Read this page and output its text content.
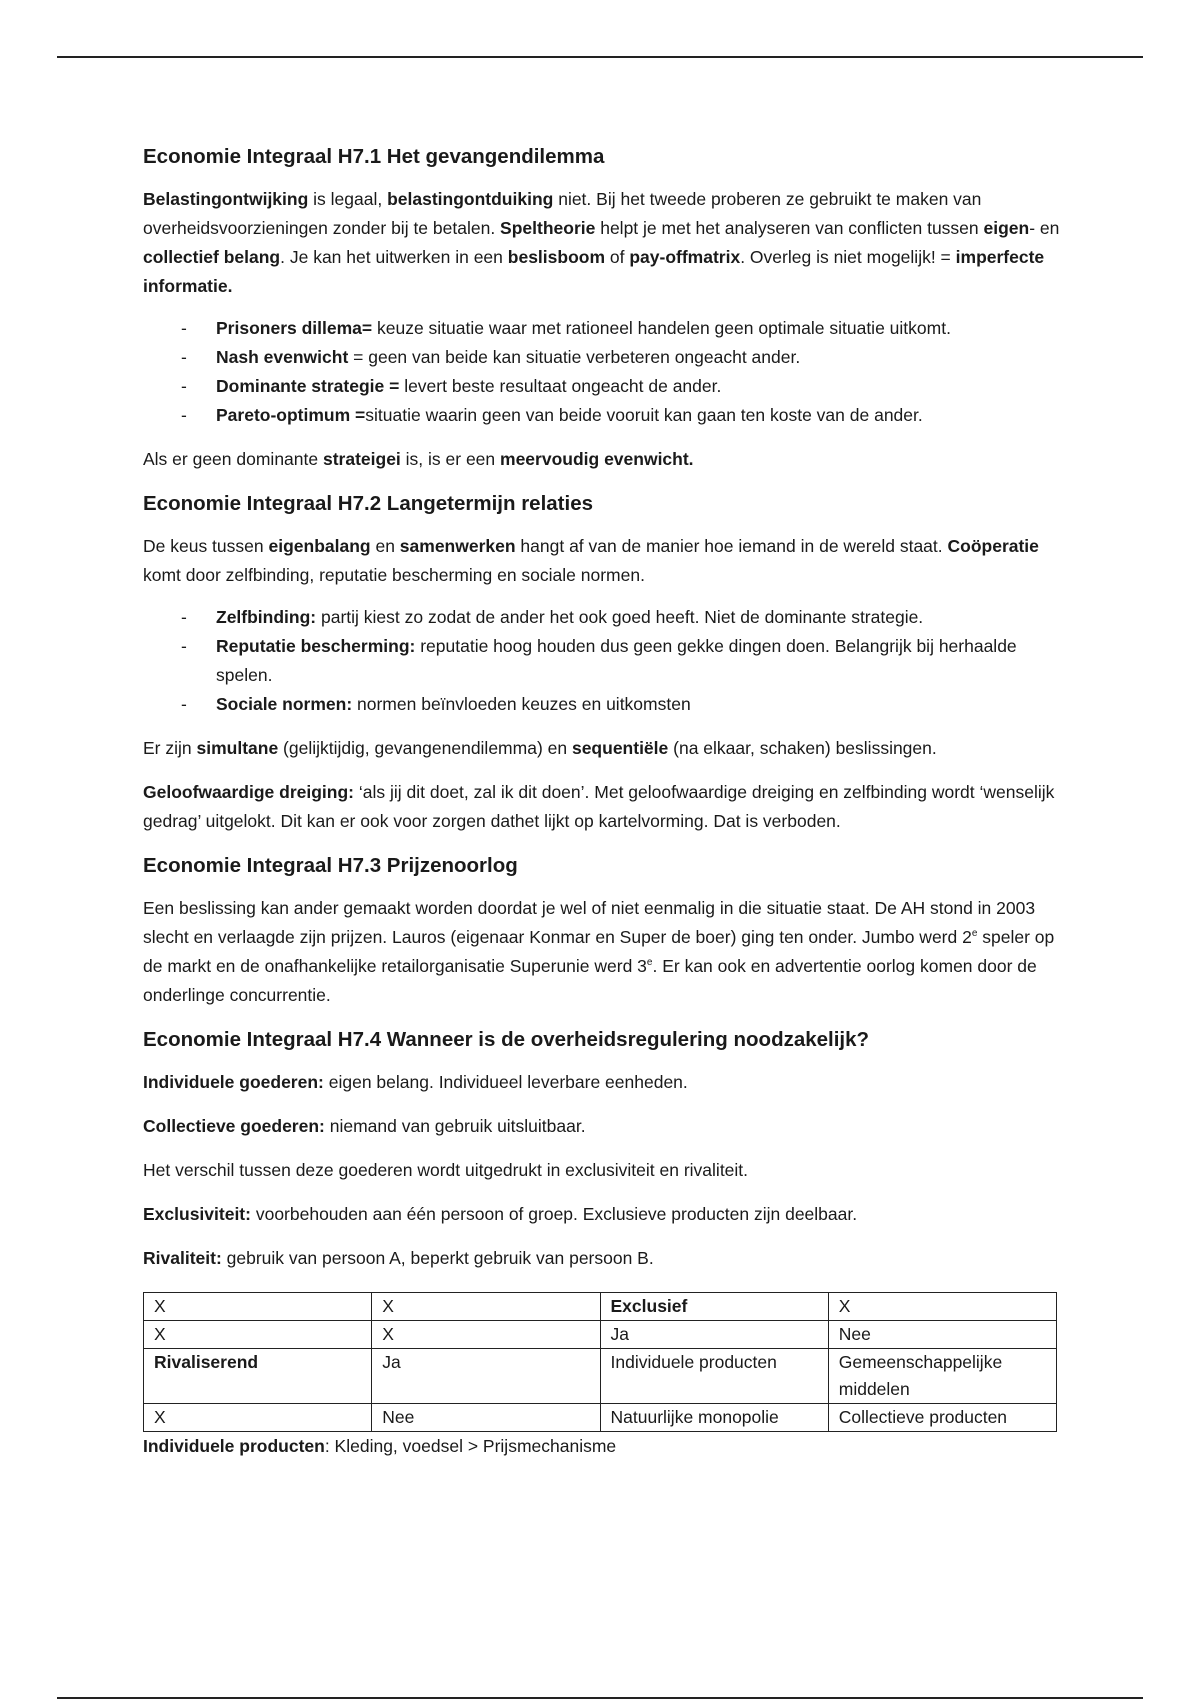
Economie Integraal H7.1 Het gevangendilemma

Belastingontwijking is legaal, belastingontduiking niet. Bij het tweede proberen ze gebruikt te maken van overheidsvoorzieningen zonder bij te betalen. Speltheorie helpt je met het analyseren van conflicten tussen eigen- en collectief belang. Je kan het uitwerken in een beslisboom of pay-offmatrix. Overleg is niet mogelijk! = imperfecte informatie.

- Prisoners dillema= keuze situatie waar met rationeel handelen geen optimale situatie uitkomt.
- Nash evenwicht = geen van beide kan situatie verbeteren ongeacht ander.
- Dominante strategie = levert beste resultaat ongeacht de ander.
- Pareto-optimum =situatie waarin geen van beide vooruit kan gaan ten koste van de ander.

Als er geen dominante strateigei is, is er een meervoudig evenwicht.

Economie Integraal H7.2 Langetermijn relaties

De keus tussen eigenbalang en samenwerken hangt af van de manier hoe iemand in de wereld staat. Coöperatie komt door zelfbinding, reputatie bescherming en sociale normen.

- Zelfbinding: partij kiest zo zodat de ander het ook goed heeft. Niet de dominante strategie.
- Reputatie bescherming: reputatie hoog houden dus geen gekke dingen doen. Belangrijk bij herhaalde spelen.
- Sociale normen: normen beïnvloeden keuzes en uitkomsten

Er zijn simultane (gelijktijdig, gevangenendilemma) en sequentiële (na elkaar, schaken) beslissingen.

Geloofwaardige dreiging: ‘als jij dit doet, zal ik dit doen’. Met geloofwaardige dreiging en zelfbinding wordt ‘wenselijk gedrag’ uitgelokt. Dit kan er ook voor zorgen dathet lijkt op kartelvorming. Dat is verboden.

Economie Integraal H7.3 Prijzenoorlog

Een beslissing kan ander gemaakt worden doordat je wel of niet eenmalig in die situatie staat. De AH stond in 2003 slecht en verlaagde zijn prijzen. Lauros (eigenaar Konmar en Super de boer) ging ten onder. Jumbo werd 2e speler op de markt en de onafhankelijke retailorganisatie Superunie werd 3e. Er kan ook en advertentie oorlog komen door de onderlinge concurrentie.

Economie Integraal H7.4 Wanneer is de overheidsregulering noodzakelijk?

Individuele goederen: eigen belang. Individueel leverbare eenheden.

Collectieve goederen: niemand van gebruik uitsluitbaar.

Het verschil tussen deze goederen wordt uitgedrukt in exclusiviteit en rivaliteit.

Exclusiviteit: voorbehouden aan één persoon of groep. Exclusieve producten zijn deelbaar.

Rivaliteit: gebruik van persoon A, beperkt gebruik van persoon B.

X	X	Exclusief	X
X	X	Ja	Nee
Rivaliserend	Ja	Individuele producten	Gemeenschappelijke middelen
X	Nee	Natuurlijke monopolie	Collectieve producten

Individuele producten: Kleding, voedsel > Prijsmechanisme
